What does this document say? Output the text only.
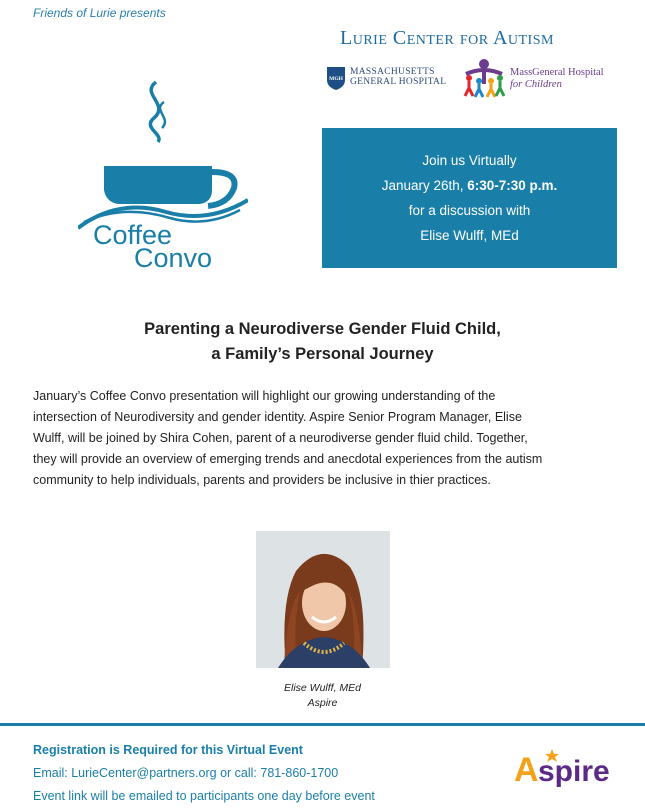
Friends of Lurie presents
Lurie Center for Autism
MGH
MASSACHUSETTS
GENERAL HOSPITAL
MassGeneral Hospital
for Children
Coffee
Convo
Join us Virtually
January 26th, 6:30-7:30 p.m.
for a discussion with
Elise Wulff, MEd
Parenting a Neurodiverse Gender Fluid Child,
a Family’s Personal Journey
January’s Coffee Convo presentation will highlight our growing understanding of the
intersection of Neurodiversity and gender identity. Aspire Senior Program Manager, Elise
Wulff, will be joined by Shira Cohen, parent of a neurodiverse gender fluid child. Together,
they will provide an overview of emerging trends and anecdotal experiences from the autism
community to help individuals, parents and providers be inclusive in thier practices.
Elise Wulff, MEd
Aspire
Registration is Required for this Virtual Event
Email: LurieCenter@partners.org or call: 781-860-1700
Event link will be emailed to participants one day before event
A spire
